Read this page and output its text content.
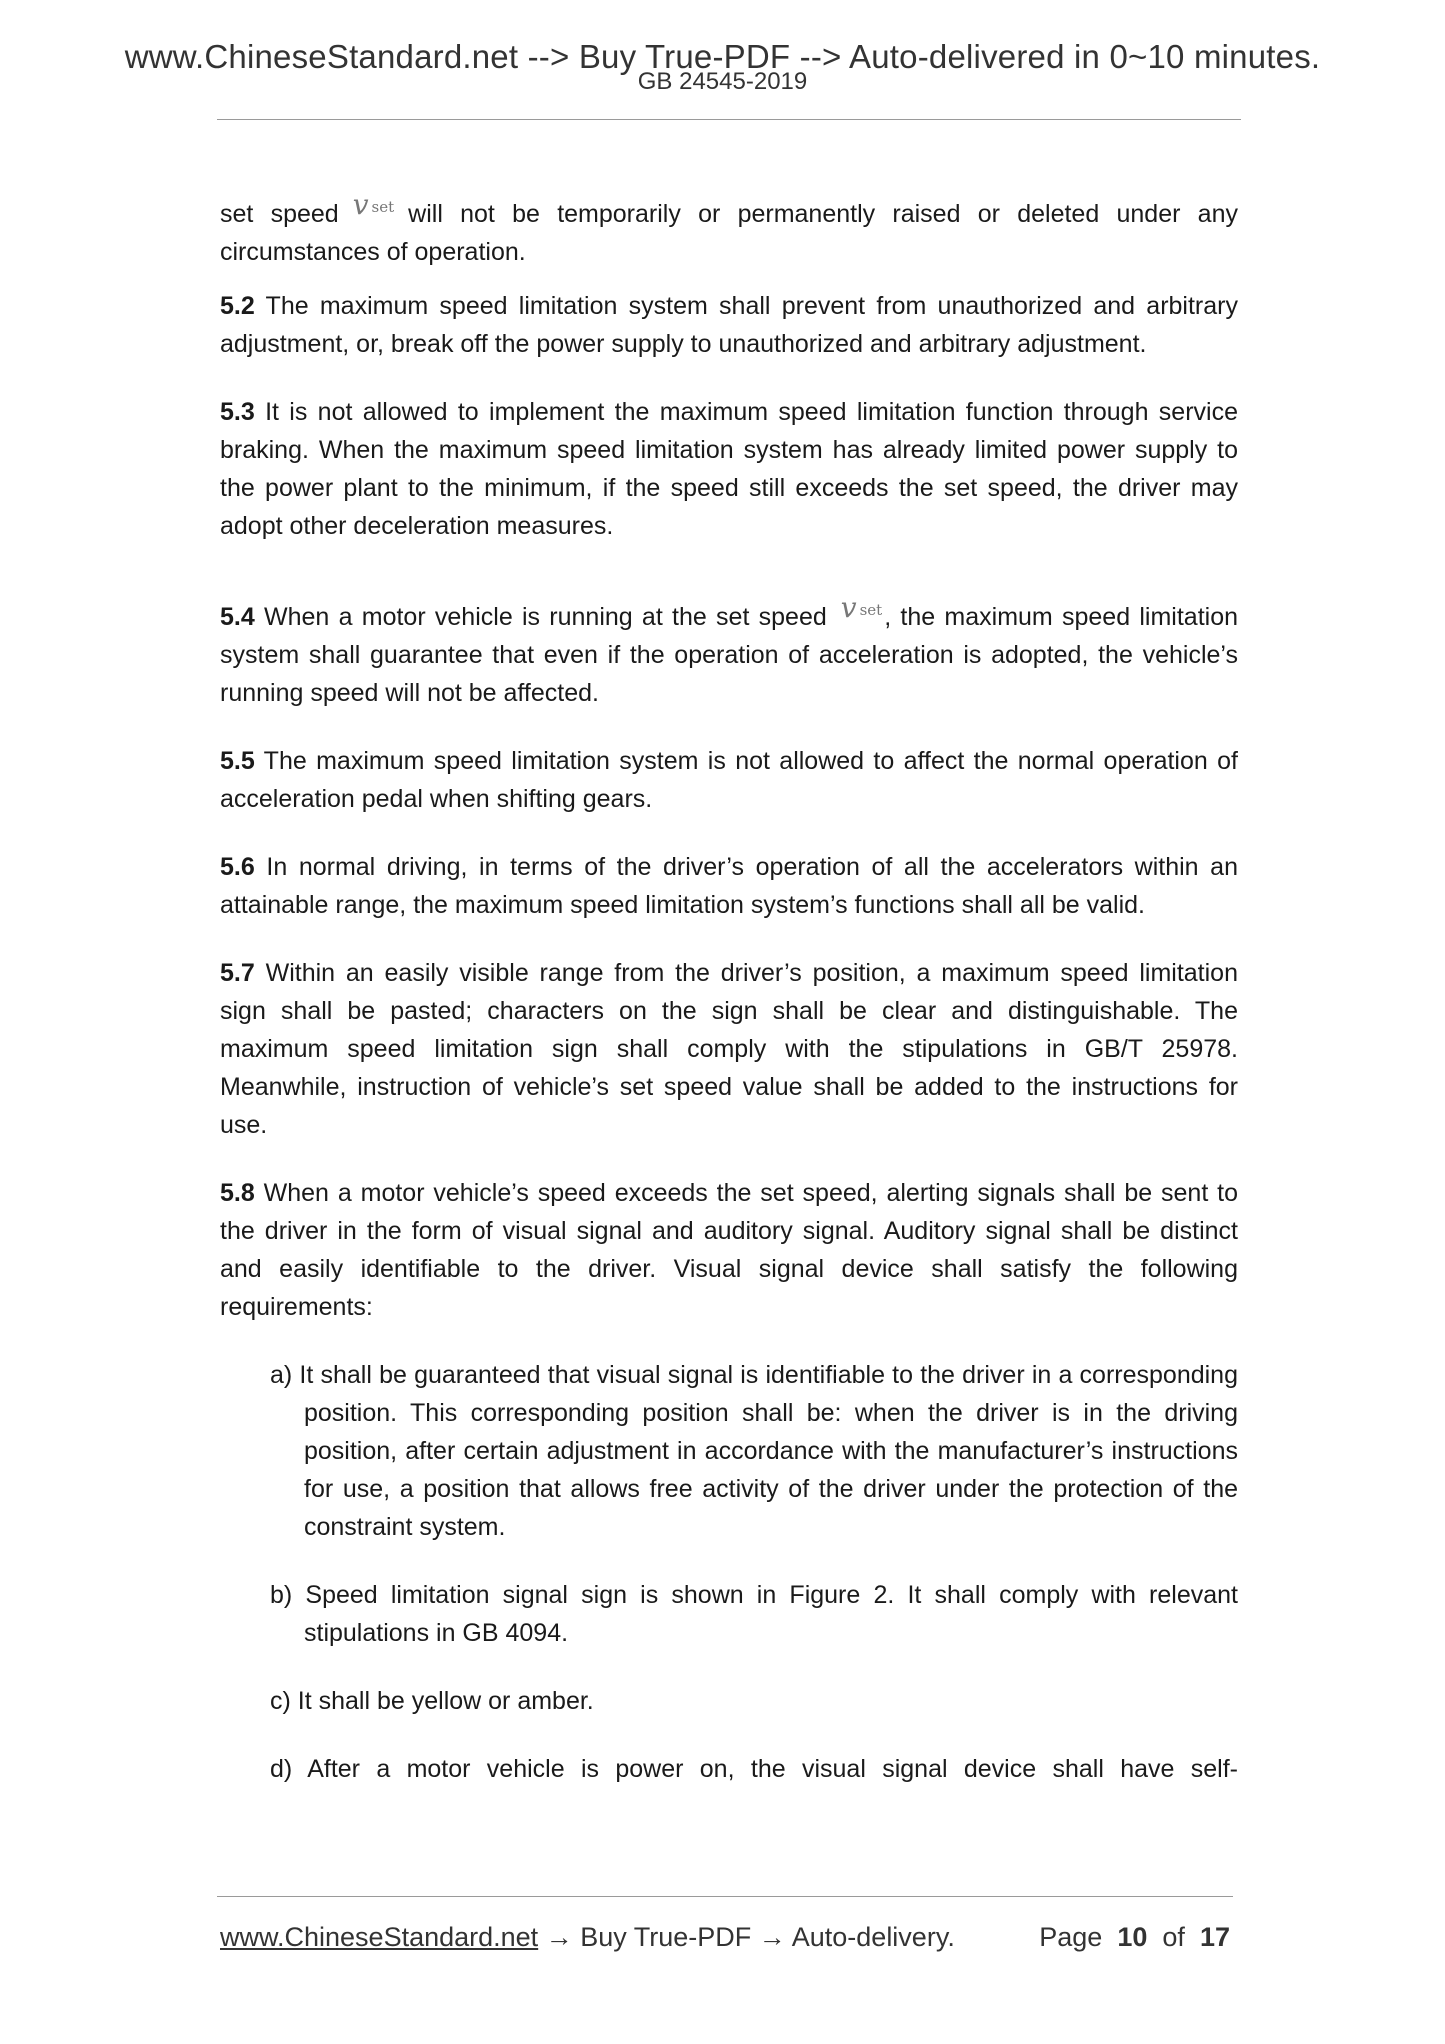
www.ChineseStandard.net --> Buy True-PDF --> Auto-delivered in 0~10 minutes.
GB 24545-2019

set speed v $_{set}$ will not be temporarily or permanently raised or deleted under any circumstances of operation.

5.2 The maximum speed limitation system shall prevent from unauthorized and arbitrary adjustment, or, break off the power supply to unauthorized and arbitrary adjustment.

5.3 It is not allowed to implement the maximum speed limitation function through service braking. When the maximum speed limitation system has already limited power supply to the power plant to the minimum, if the speed still exceeds the set speed, the driver may adopt other deceleration measures.

5.4 When a motor vehicle is running at the set speed v $_{set}$, the maximum speed limitation system shall guarantee that even if the operation of acceleration is adopted, the vehicle’s running speed will not be affected.

5.5 The maximum speed limitation system is not allowed to affect the normal operation of acceleration pedal when shifting gears.

5.6 In normal driving, in terms of the driver’s operation of all the accelerators within an attainable range, the maximum speed limitation system’s functions shall all be valid.

5.7 Within an easily visible range from the driver’s position, a maximum speed limitation sign shall be pasted; characters on the sign shall be clear and distinguishable. The maximum speed limitation sign shall comply with the stipulations in GB/T 25978. Meanwhile, instruction of vehicle’s set speed value shall be added to the instructions for use.

5.8 When a motor vehicle’s speed exceeds the set speed, alerting signals shall be sent to the driver in the form of visual signal and auditory signal. Auditory signal shall be distinct and easily identifiable to the driver. Visual signal device shall satisfy the following requirements:

a) It shall be guaranteed that visual signal is identifiable to the driver in a corresponding position. This corresponding position shall be: when the driver is in the driving position, after certain adjustment in accordance with the manufacturer’s instructions for use, a position that allows free activity of the driver under the protection of the constraint system.

b) Speed limitation signal sign is shown in Figure 2. It shall comply with relevant stipulations in GB 4094.

c) It shall be yellow or amber.

d) After a motor vehicle is power on, the visual signal device shall have self-

www.ChineseStandard.net → Buy True-PDF → Auto-delivery.	Page 10 of 17
